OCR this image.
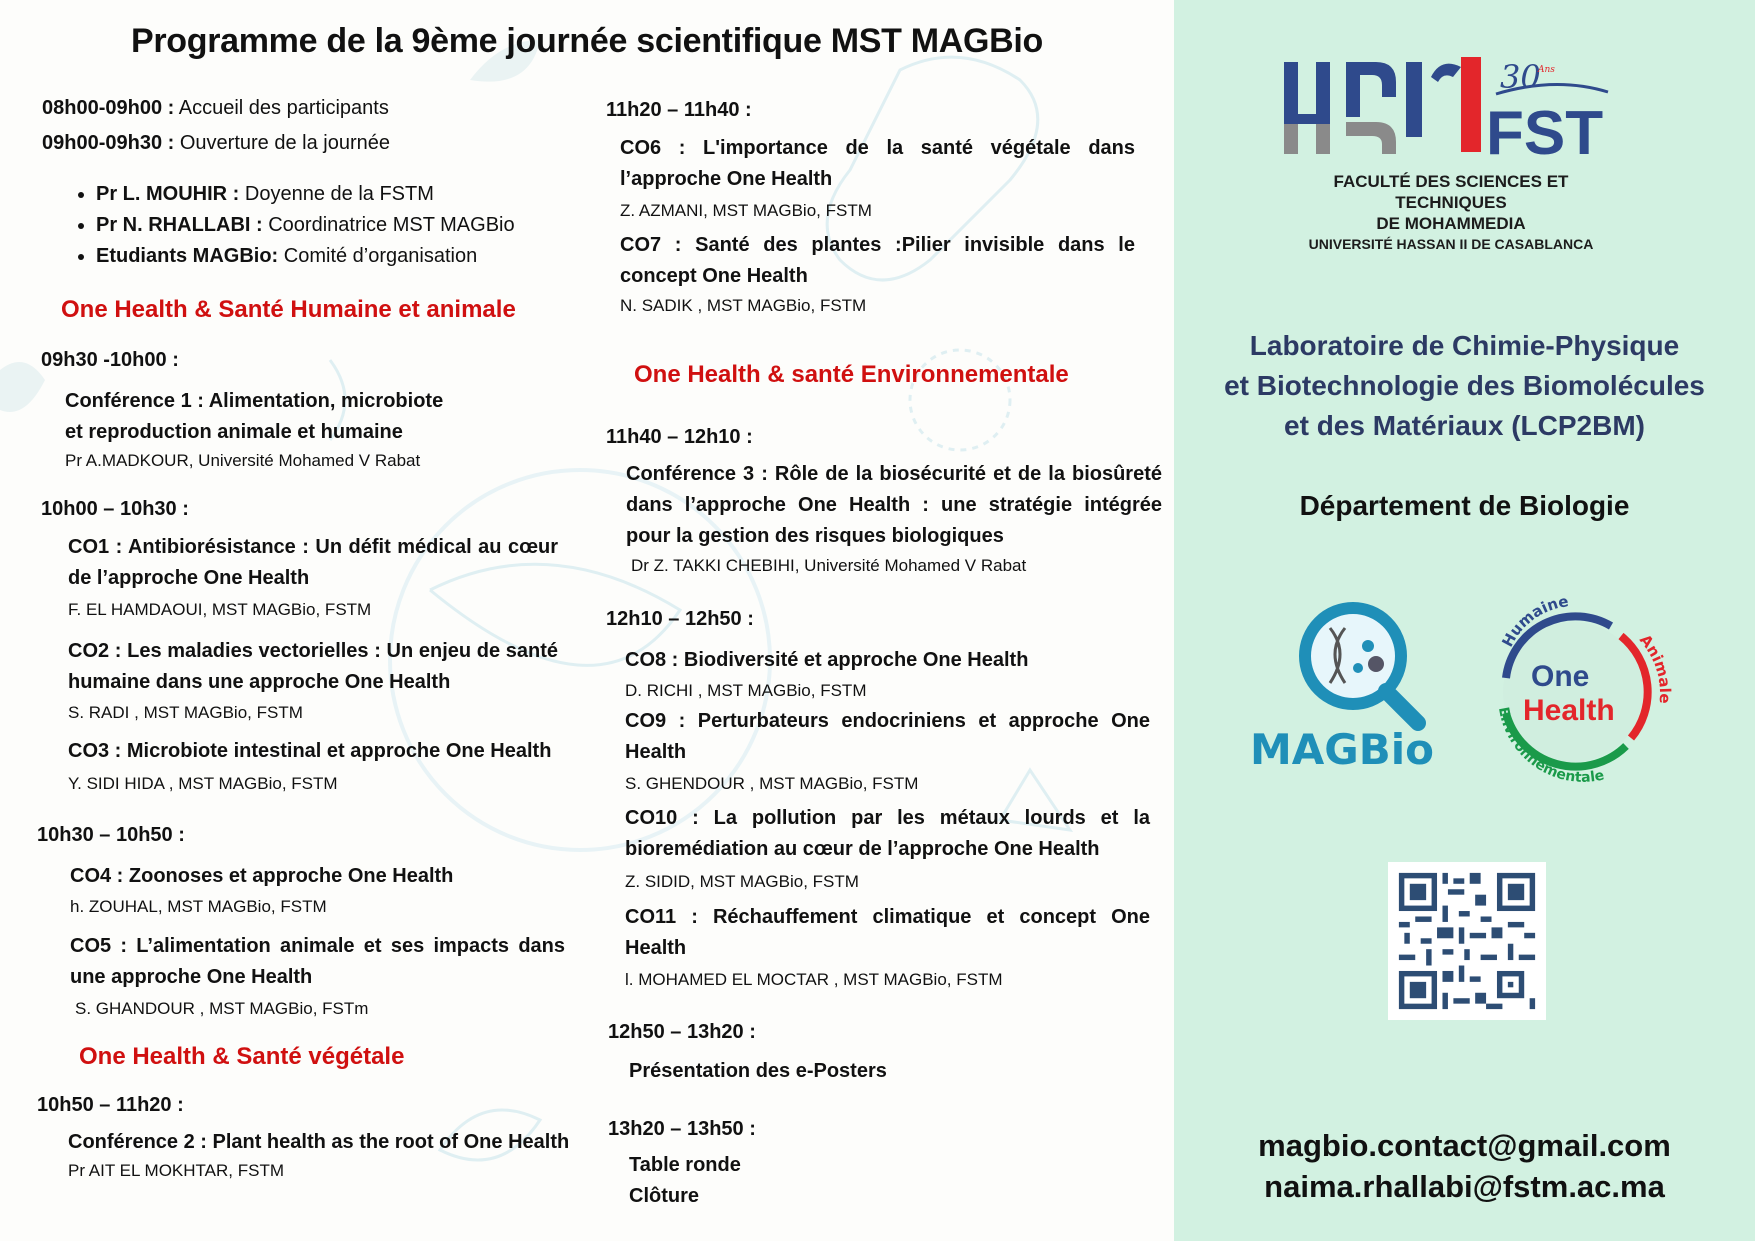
Programme de la 9ème journée scientifique MST MAGBio
08h00-09h00 : Accueil des participants
09h00-09h30 : Ouverture de la journée
• Pr L. MOUHIR : Doyenne de la FSTM
• Pr N. RHALLABI : Coordinatrice MST MAGBio
• Etudiants MAGBio: Comité d’organisation
One Health & Santé Humaine et animale
09h30 -10h00 :
Conférence 1 : Alimentation, microbiote
et reproduction animale et humaine
Pr A.MADKOUR, Université Mohamed V Rabat
10h00 – 10h30 :
CO1 : Antibiorésistance : Un défit médical au cœur de l’approche One Health
F. EL HAMDAOUI, MST MAGBio, FSTM
CO2 : Les maladies vectorielles : Un enjeu de santé humaine dans une approche One Health
S. RADI , MST MAGBio, FSTM
CO3 : Microbiote intestinal et approche One Health
Y. SIDI HIDA , MST MAGBio, FSTM
10h30 – 10h50 :
CO4 : Zoonoses et approche One Health
h. ZOUHAL, MST MAGBio, FSTM
CO5 : L’alimentation animale et ses impacts dans une approche One Health
S. GHANDOUR , MST MAGBio, FSTm
One Health & Santé végétale
10h50 – 11h20 :
Conférence 2 : Plant health as the root of One Health
Pr AIT EL MOKHTAR, FSTM
11h20 – 11h40 :
CO6 : L'importance de la santé végétale dans l’approche One Health
Z. AZMANI, MST MAGBio, FSTM
CO7 : Santé des plantes :Pilier invisible dans le concept One Health
N. SADIK , MST MAGBio, FSTM
One Health & santé Environnementale
11h40 – 12h10 :
Conférence 3 : Rôle de la biosécurité et de la biosûreté dans l’approche One Health : une stratégie intégrée pour la gestion des risques biologiques
Dr Z. TAKKI CHEBIHI, Université Mohamed V Rabat
12h10 – 12h50 :
CO8 : Biodiversité et approche One Health
D. RICHI , MST MAGBio, FSTM
CO9 : Perturbateurs endocriniens et approche One Health
S. GHENDOUR , MST MAGBio, FSTM
CO10 : La pollution par les métaux lourds et la bioremédiation au cœur de l’approche One Health
Z. SIDID, MST MAGBio, FSTM
CO11 : Réchauffement climatique et concept One Health
l. MOHAMED EL MOCTAR , MST MAGBio, FSTM
12h50 – 13h20 :
Présentation des e-Posters
13h20 – 13h50 :
Table ronde
Clôture
30
Ans
FST
FACULTÉ DES SCIENCES ET TECHNIQUES
DE MOHAMMEDIA
UNIVERSITÉ HASSAN II DE CASABLANCA
Laboratoire de Chimie-Physique
et Biotechnologie des Biomolécules
et des Matériaux (LCP2BM)
Département de Biologie
MAGBio
Humaine
Animale
Environnementale
One
Health
magbio.contact@gmail.com
naima.rhallabi@fstm.ac.ma
